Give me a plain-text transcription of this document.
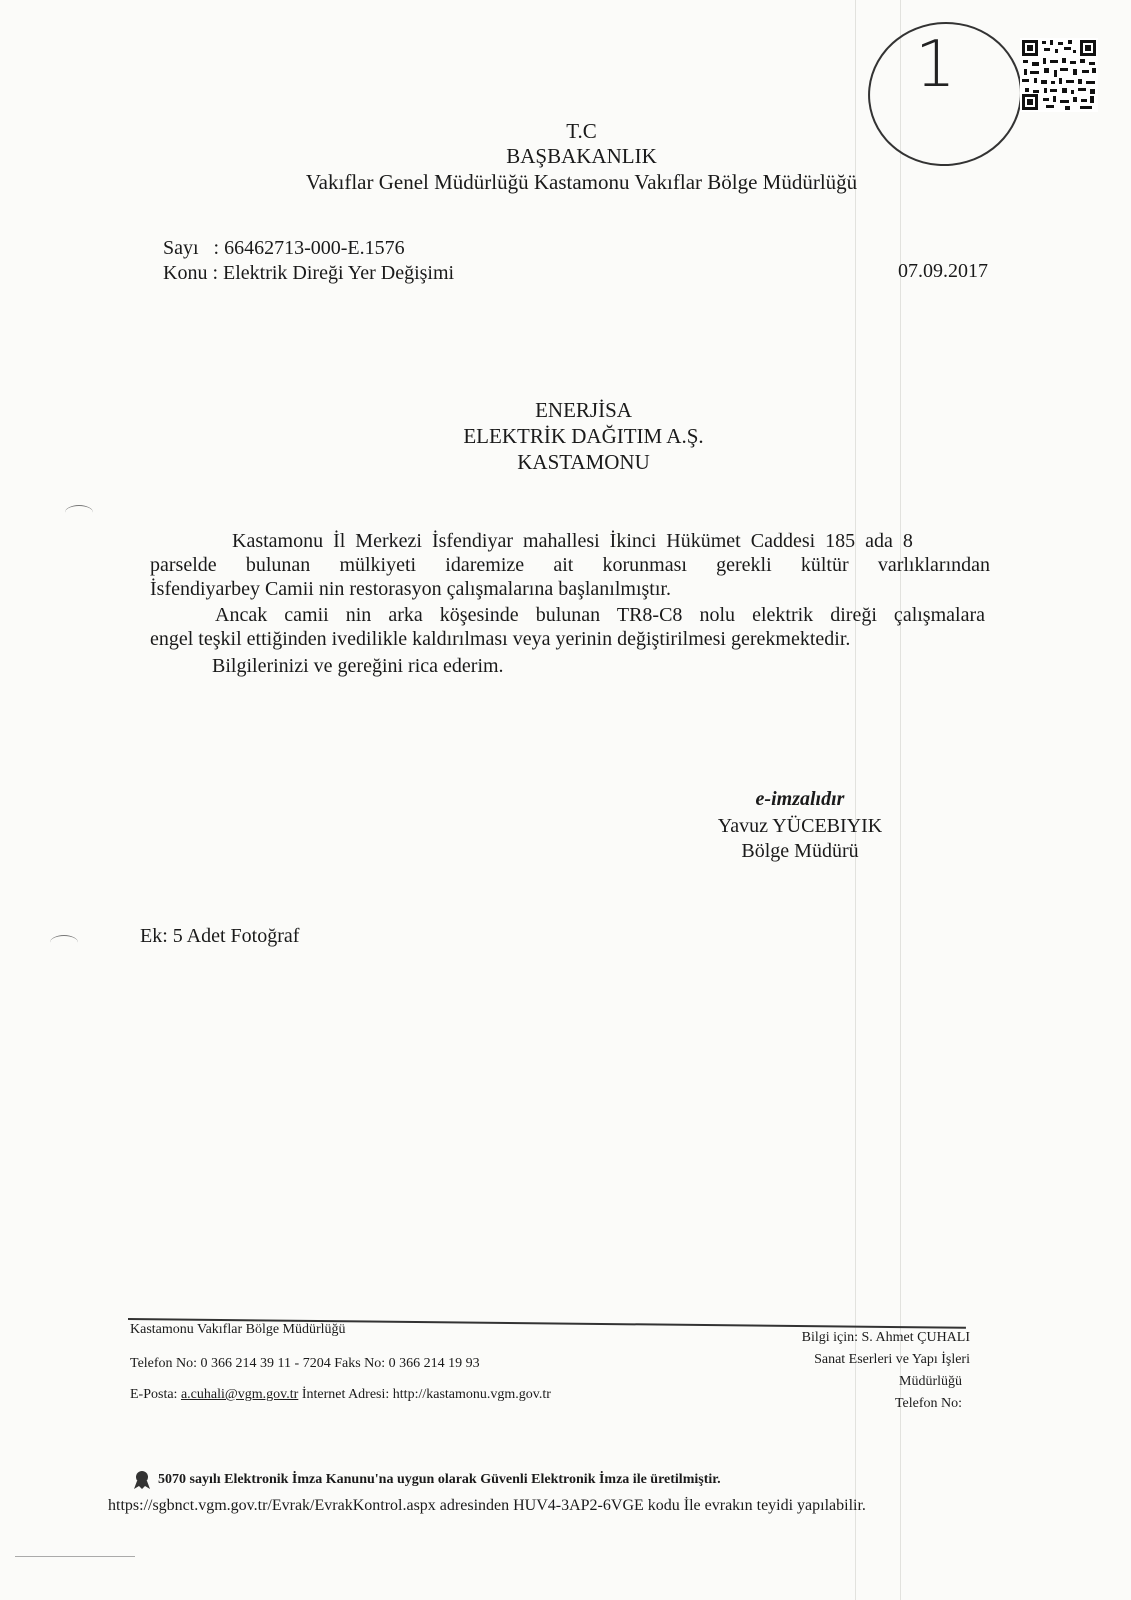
1
T.C
BAŞBAKANLIK
Vakıflar Genel Müdürlüğü Kastamonu Vakıflar Bölge Müdürlüğü
Sayı   : 66462713-000-E.1576
Konu : Elektrik Direği Yer Değişimi	07.09.2017
ENERJİSA
ELEKTRİK DAĞITIM A.Ş.
KASTAMONU
Kastamonu İl Merkezi İsfendiyar mahallesi İkinci Hükümet Caddesi 185 ada 8
parselde bulunan mülkiyeti idaremize ait korunması gerekli kültür varlıklarından
İsfendiyarbey Camii nin restorasyon çalışmalarına başlanılmıştır.
Ancak camii nin arka köşesinde bulunan TR8-C8 nolu elektrik direği çalışmalara
engel teşkil ettiğinden ivedilikle kaldırılması veya yerinin değiştirilmesi gerekmektedir.
Bilgilerinizi ve gereğini rica ederim.
e-imzalıdır
Yavuz YÜCEBIYIK
Bölge Müdürü
Ek: 5 Adet Fotoğraf
Kastamonu Vakıflar Bölge Müdürlüğü
Telefon No: 0 366 214 39 11 - 7204 Faks No: 0 366 214 19 93
E-Posta: a.cuhali@vgm.gov.tr İnternet Adresi: http://kastamonu.vgm.gov.tr
Bilgi için: S. Ahmet ÇUHALI
Sanat Eserleri ve Yapı İşleri
Müdürlüğü
Telefon No:
5070 sayılı Elektronik İmza Kanunu'na uygun olarak Güvenli Elektronik İmza ile üretilmiştir.
https://sgbnct.vgm.gov.tr/Evrak/EvrakKontrol.aspx adresinden HUV4-3AP2-6VGE kodu İle evrakın teyidi yapılabilir.
